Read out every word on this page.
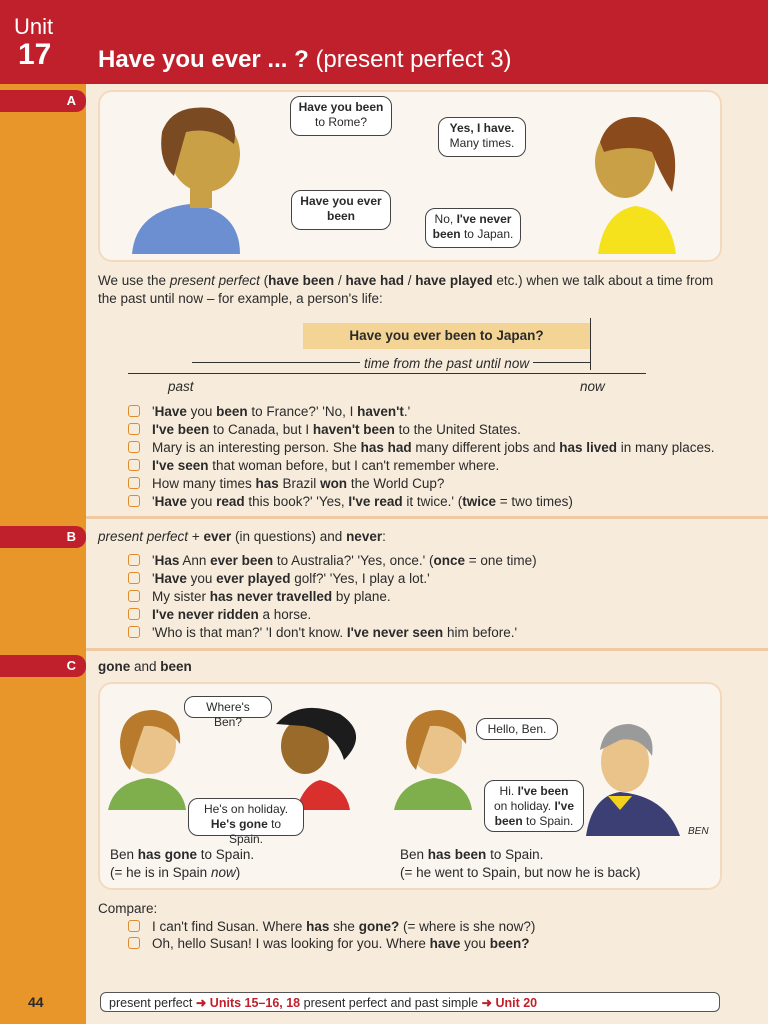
Unit
17 Have you ever ... ? (present perfect 3)
A
B
C
Have you been
to Rome?	Yes, I have.
Many times.
Have you ever
been	No, I've never
been to Japan.
We use the present perfect (have been / have had / have played etc.) when we talk about a time from
the past until now – for example, a person's life:
Have you ever been to Japan?
time from the past until now
past	now
'Have you been to France?' 'No, I haven't.'
I've been to Canada, but I haven't been to the United States.
Mary is an interesting person. She has had many different jobs and has lived in many places.
I've seen that woman before, but I can't remember where.
How many times has Brazil won the World Cup?
'Have you read this book?' 'Yes, I've read it twice.' (twice = two times)
present perfect + ever (in questions) and never:
'Has Ann ever been to Australia?' 'Yes, once.' (once = one time)
'Have you ever played golf?' 'Yes, I play a lot.'
My sister has never travelled by plane.
I've never ridden a horse.
'Who is that man?' 'I don't know. I've never seen him before.'
gone and been
Where's Ben?
He's on holiday.
He's gone to Spain.
Hello, Ben.
Hi. I've been
on holiday. I've
been to Spain.
BEN
Ben has gone to Spain.
(= he is in Spain now)
Ben has been to Spain.
(= he went to Spain, but now he is back)
Compare:
I can't find Susan. Where has she gone? (= where is she now?)
Oh, hello Susan! I was looking for you. Where have you been?
44	present perfect ➜ Units 15–16, 18 present perfect and past simple ➜ Unit 20
